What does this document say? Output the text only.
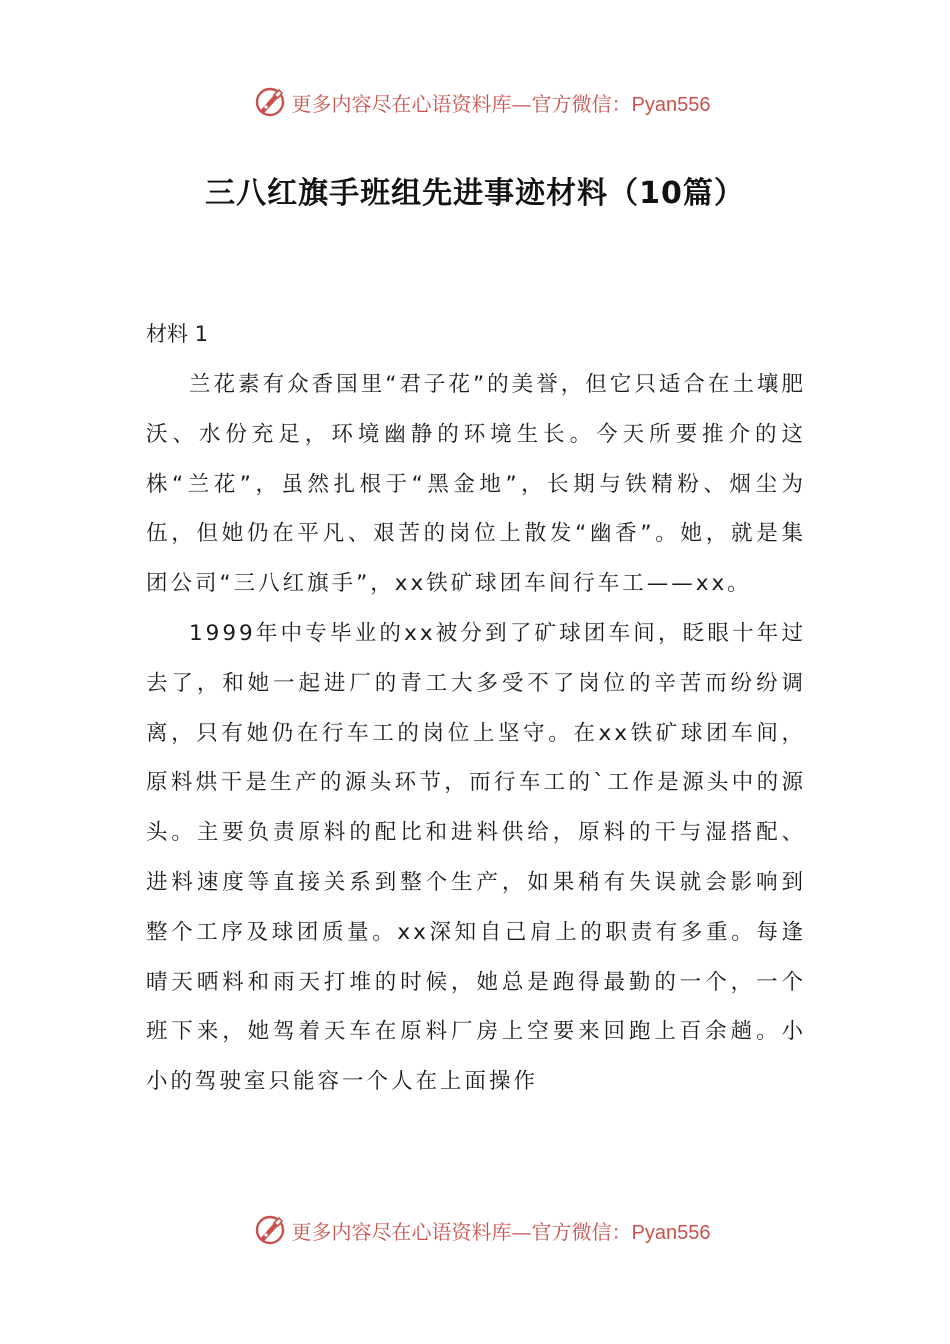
更多内容尽在心语资料库—官方微信：Pyan556
三八红旗手班组先进事迹材料（10篇）
材料 1

兰花素有众香国里“君子花”的美誉，但它只适合在土壤肥沃、水份充足，环境幽静的环境生长。今天所要推介的这株“兰花”，虽然扎根于“黑金地”，长期与铁精粉、烟尘为伍，但她仍在平凡、艰苦的岗位上散发“幽香”。她，就是集团公司“三八红旗手”，xx铁矿球团车间行车工——xx。

1999年中专毕业的xx被分到了矿球团车间，眨眼十年过去了，和她一起进厂的青工大多受不了岗位的辛苦而纷纷调离，只有她仍在行车工的岗位上坚守。在xx铁矿球团车间，原料烘干是生产的源头环节，而行车工的`工作是源头中的源头。主要负责原料的配比和进料供给，原料的干与湿搭配、进料速度等直接关系到整个生产，如果稍有失误就会影响到整个工序及球团质量。xx深知自己肩上的职责有多重。每逢晴天晒料和雨天打堆的时候，她总是跑得最勤的一个，一个班下来，她驾着天车在原料厂房上空要来回跑上百余趟。小小的驾驶室只能容一个人在上面操作

更多内容尽在心语资料库—官方微信：Pyan556
